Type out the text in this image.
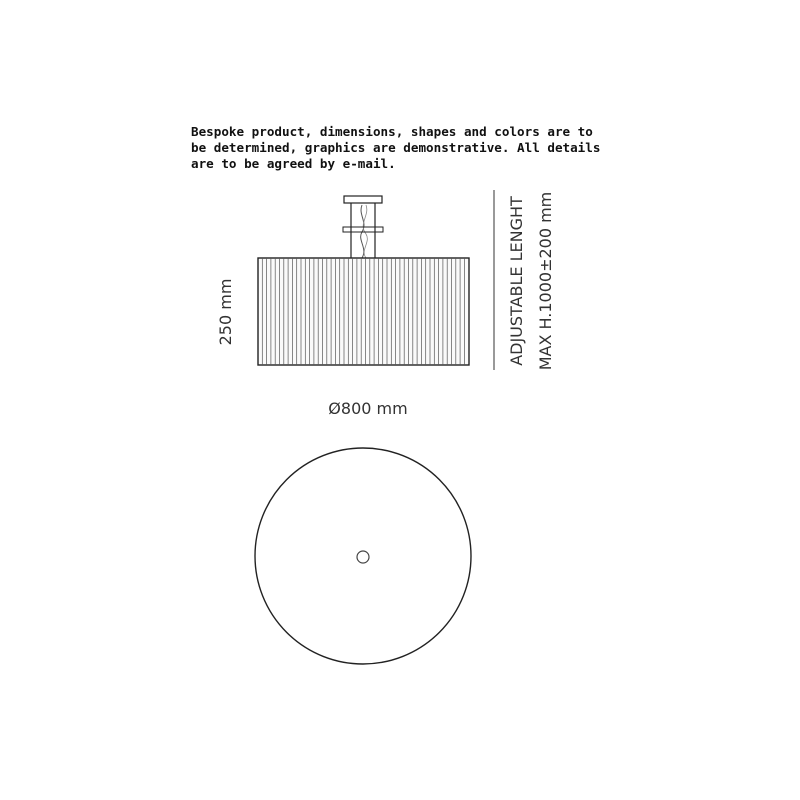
Bespoke product, dimensions, shapes and colors are to
be determined, graphics are demonstrative. All details
are to be agreed by e-mail.
250 mm
Ø800 mm
ADJUSTABLE LENGHT MAX H.1000±200 mm
